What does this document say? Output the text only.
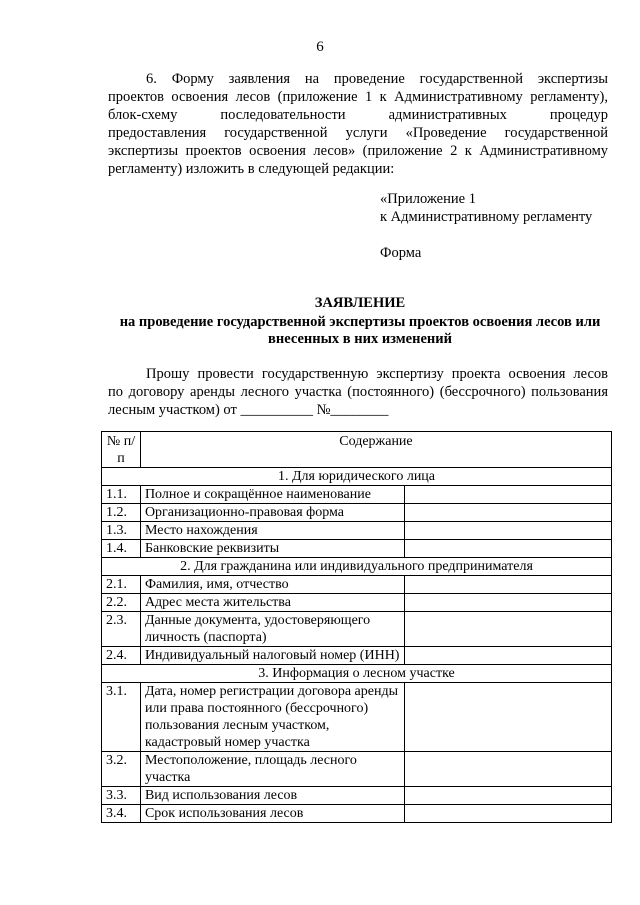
6
6. Форму заявления на проведение государственной экспертизы
проектов освоения лесов (приложение 1 к Административному регламенту),
блок-схему последовательности административных процедур
предоставления государственной услуги «Проведение государственной
экспертизы проектов освоения лесов» (приложение 2 к Административному
регламенту) изложить в следующей редакции:
«Приложение 1
к Административному регламенту
Форма
ЗАЯВЛЕНИЕ
на проведение государственной экспертизы проектов освоения лесов или
внесенных в них изменений
Прошу провести государственную экспертизу проекта освоения лесов
по договору аренды лесного участка (постоянного) (бессрочного) пользования
лесным участком) от __________ №________
№ п/п	Содержание	
1. Для юридического лица		
1.1.	Полное и сокращённое наименование	
1.2.	Организационно-правовая форма	
1.3.	Место нахождения	
1.4.	Банковские реквизиты	
2. Для гражданина или индивидуального предпринимателя		
2.1.	Фамилия, имя, отчество	
2.2.	Адрес места жительства	
2.3.	Данные документа, удостоверяющего личность (паспорта)	
2.4.	Индивидуальный налоговый номер (ИНН)	
3. Информация о лесном участке		
3.1.	Дата, номер регистрации договора аренды или права постоянного (бессрочного) пользования лесным участком, кадастровый номер участка	
3.2.	Местоположение, площадь лесного участка	
3.3.	Вид использования лесов	
3.4.	Срок использования лесов	
